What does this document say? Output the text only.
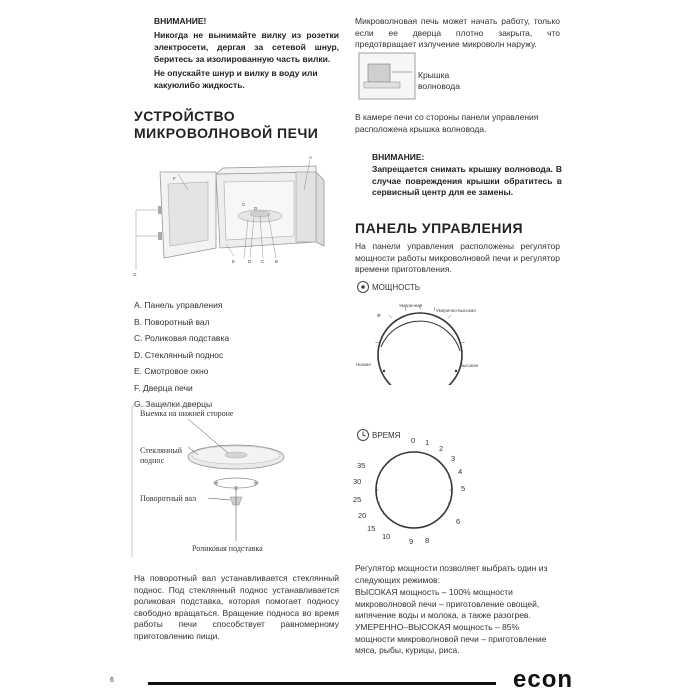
ВНИМАНИЕ!
Никогда не вынимайте вилку из розетки электросети, дергая за сетевой шнур, беритесь за изолированную часть вилки.
Не опускайте шнур и вилку в воду или какуюлибо жидкость.
УСТРОЙСТВО
МИКРОВОЛНОВОЙ ПЕЧИ
A
B
C
D
E
F
G
C
D
A. Панель управления
B. Поворотный вал
C. Роликовая подставка
D. Стеклянный поднос
E. Смотровое окно
F. Дверца печи
G. Защелки дверцы
Выемка на нижней стороне
Стеклянный поднос
Поворотный вал
Роликовая подставка
На поворотный вал устанавливается стеклянный поднос. Под стеклянный поднос устанавливается роликовая подставка, которая помогает подносу свободно вращаться. Вращение подноса во время работы печи способствует равномерному приготовлению пищи.
Микроволновая печь может начать работу, только если ее дверца плотно закрыта, что предотвращает излучение микроволн наружу.
Крышка волновода
В камере печи со стороны панели управления расположена крышка волновода.
ВНИМАНИЕ:
Запрещается снимать крышку волновода. В случае повреждения крышки обратитесь в сервисный центр для ее замены.
ПАНЕЛЬ УПРАВЛЕНИЯ
На панели управления расположены регулятор мощности работы микроволновой печи и регулятор времени приготовления.
МОЩНОСТЬ
✻
Умеренная
Умеренно-высокая
Низкая	Высокая
ВРЕМЯ
0 1
2
3
4
5
6
8
9
10
15
20
25
30
35
Регулятор мощности позволяет выбрать один из следующих режимов:
ВЫСОКАЯ мощность – 100% мощности микроволновой печи – приготовление овощей, кипячение воды и молока, а также разогрев.
УМЕРЕННО–ВЫСОКАЯ мощность – 85% мощности микроволновой печи – приготовление мяса, рыбы, курицы, риса.
6	econ
